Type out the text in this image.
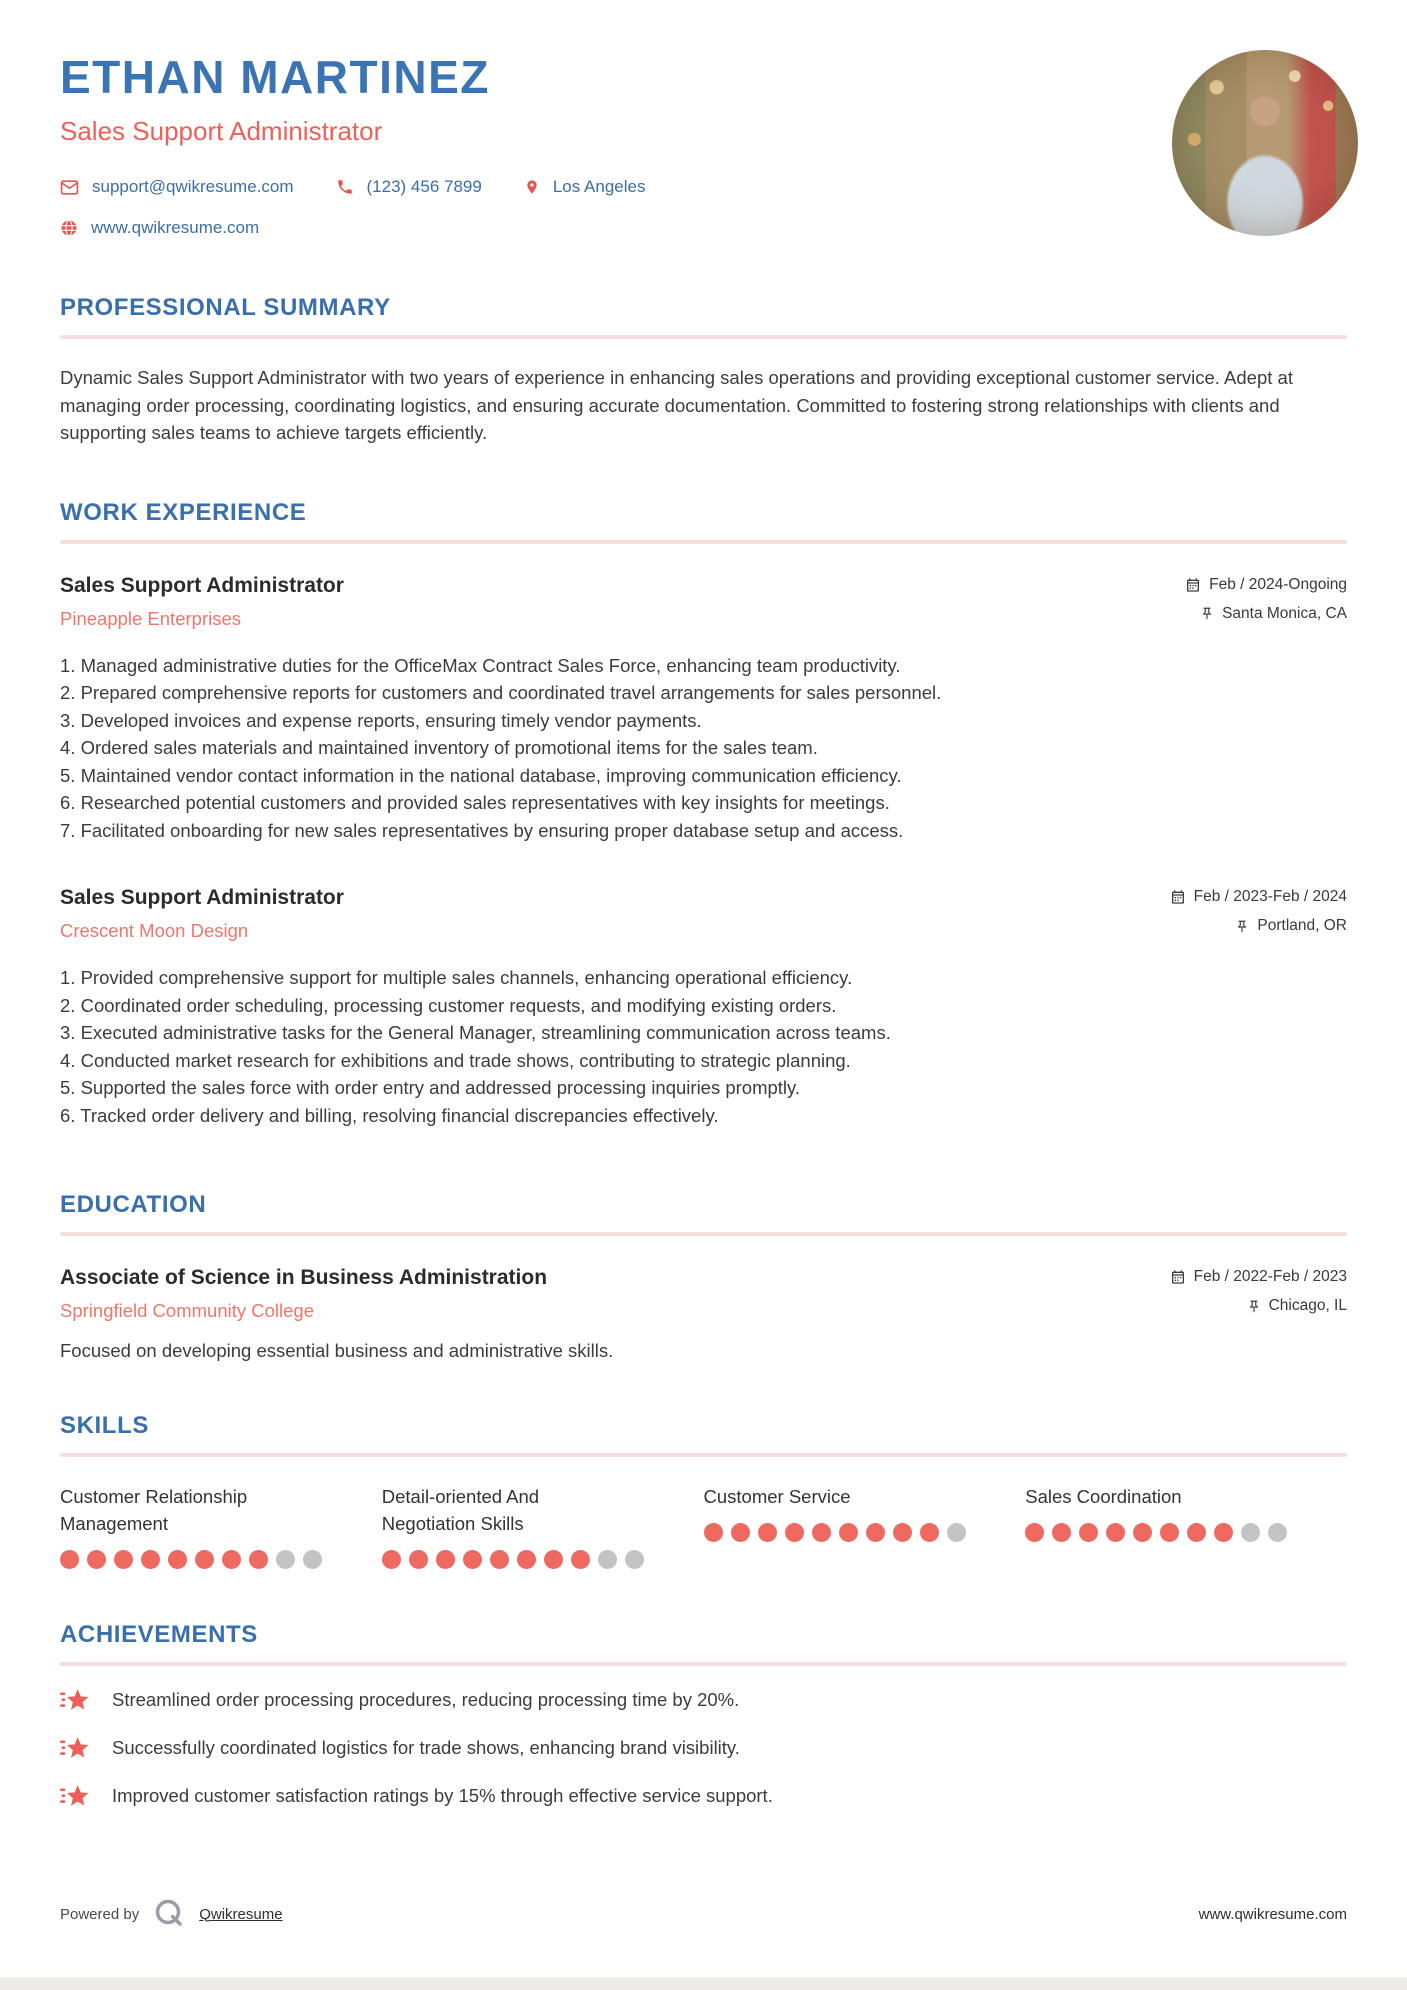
ETHAN MARTINEZ
Sales Support Administrator
support@qwikresume.com	(123) 456 7899	Los Angeles
www.qwikresume.com
PROFESSIONAL SUMMARY

Dynamic Sales Support Administrator with two years of experience in enhancing sales operations and providing exceptional customer service. Adept at managing order processing, coordinating logistics, and ensuring accurate documentation. Committed to fostering strong relationships with clients and supporting sales teams to achieve targets efficiently.

WORK EXPERIENCE
Sales Support Administrator
Pineapple Enterprises
Feb / 2024-Ongoing
Santa Monica, CA
Managed administrative duties for the OfficeMax Contract Sales Force, enhancing team productivity.
Prepared comprehensive reports for customers and coordinated travel arrangements for sales personnel.
Developed invoices and expense reports, ensuring timely vendor payments.
Ordered sales materials and maintained inventory of promotional items for the sales team.
Maintained vendor contact information in the national database, improving communication efficiency.
Researched potential customers and provided sales representatives with key insights for meetings.
Facilitated onboarding for new sales representatives by ensuring proper database setup and access.
Sales Support Administrator
Crescent Moon Design
Feb / 2023-Feb / 2024
Portland, OR
Provided comprehensive support for multiple sales channels, enhancing operational efficiency.
Coordinated order scheduling, processing customer requests, and modifying existing orders.
Executed administrative tasks for the General Manager, streamlining communication across teams.
Conducted market research for exhibitions and trade shows, contributing to strategic planning.
Supported the sales force with order entry and addressed processing inquiries promptly.
Tracked order delivery and billing, resolving financial discrepancies effectively.
EDUCATION
Associate of Science in Business Administration
Springfield Community College
Feb / 2022-Feb / 2023
Chicago, IL

Focused on developing essential business and administrative skills.

SKILLS
Customer Relationship Management
Detail-oriented And Negotiation Skills
Customer Service	Sales Coordination
ACHIEVEMENTS
Streamlined order processing procedures, reducing processing time by 20%.
Successfully coordinated logistics for trade shows, enhancing brand visibility.
Improved customer satisfaction ratings by 15% through effective service support.
Powered by	Qwikresume	www.qwikresume.com
